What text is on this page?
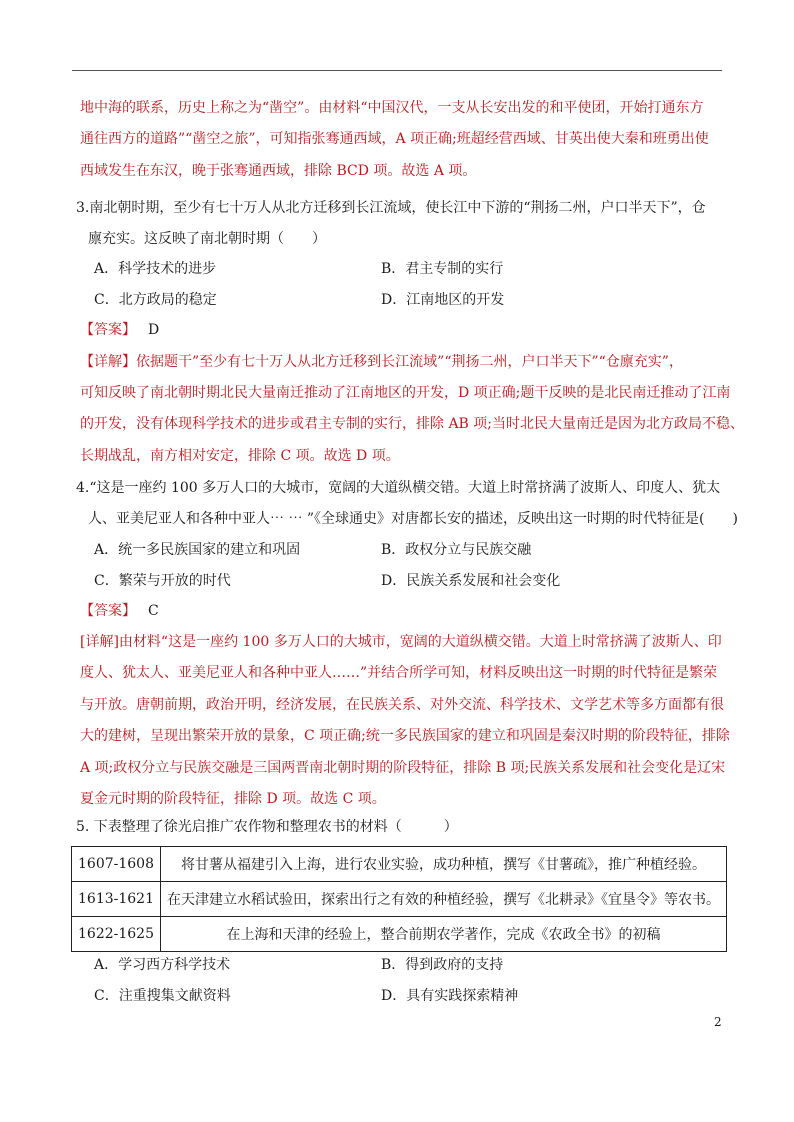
地中海的联系，历史上称之为“凿空”。由材料“中国汉代，一支从长安出发的和平使团，开始打通东方
通往西方的道路”“凿空之旅”，可知指张骞通西域，A 项正确;班超经营西域、甘英出使大秦和班勇出使
西域发生在东汉，晚于张骞通西域，排除 BCD 项。故选 A 项。
3.南北朝时期，至少有七十万人从北方迁移到长江流域，使长江中下游的“荆扬二州，户口半天下”，仓
廪充实。这反映了南北朝时期（　　）
A．科学技术的进步	B．君主专制的实行
C．北方政局的稳定	D．江南地区的开发
【答案】 D
【详解】依据题干”至少有七十万人从北方迁移到长江流域”“荆扬二州，户口半天下”“仓廪充实”，
可知反映了南北朝时期北民大量南迁推动了江南地区的开发，D 项正确;题干反映的是北民南迁推动了江南
的开发，没有体现科学技术的进步或君主专制的实行，排除 AB 项;当时北民大量南迁是因为北方政局不稳、
长期战乱，南方相对安定，排除 C 项。故选 D 项。
4.“这是一座约 100 多万人口的大城市，宽阔的大道纵横交错。大道上时常挤满了波斯人、印度人、犹太
人、亚美尼亚人和各种中亚人⋯ ⋯ ”《全球通史》对唐都长安的描述，反映出这一时期的时代特征是(　　)
A．统一多民族国家的建立和巩固	B．政权分立与民族交融
C．繁荣与开放的时代	D．民族关系发展和社会变化
【答案】 C
[详解]由材料“这是一座约 100 多万人口的大城市，宽阔的大道纵横交错。大道上时常挤满了波斯人、印
度人、犹太人、亚美尼亚人和各种中亚人……”并结合所学可知，材料反映出这一时期的时代特征是繁荣
与开放。唐朝前期，政治开明，经济发展，在民族关系、对外交流、科学技术、文学艺术等多方面都有很
大的建树，呈现出繁荣开放的景象，C 项正确;统一多民族国家的建立和巩固是秦汉时期的阶段特征，排除
A 项;政权分立与民族交融是三国两晋南北朝时期的阶段特征，排除 B 项;民族关系发展和社会变化是辽宋
夏金元时期的阶段特征，排除 D 项。故选 C 项。
5. 下表整理了徐光启推广农作物和整理农书的材料（　　　）
1607-1608	将甘薯从福建引入上海，进行农业实验，成功种植，撰写《甘薯疏》，推广种植经验。
1613-1621	在天津建立水稻试验田，探索出行之有效的种植经验，撰写《北耕录》《宜垦令》等农书。
1622-1625	在上海和天津的经验上，整合前期农学著作，完成《农政全书》的初稿
A．学习西方科学技术	B．得到政府的支持
C．注重搜集文献资料	D．具有实践探索精神
2
